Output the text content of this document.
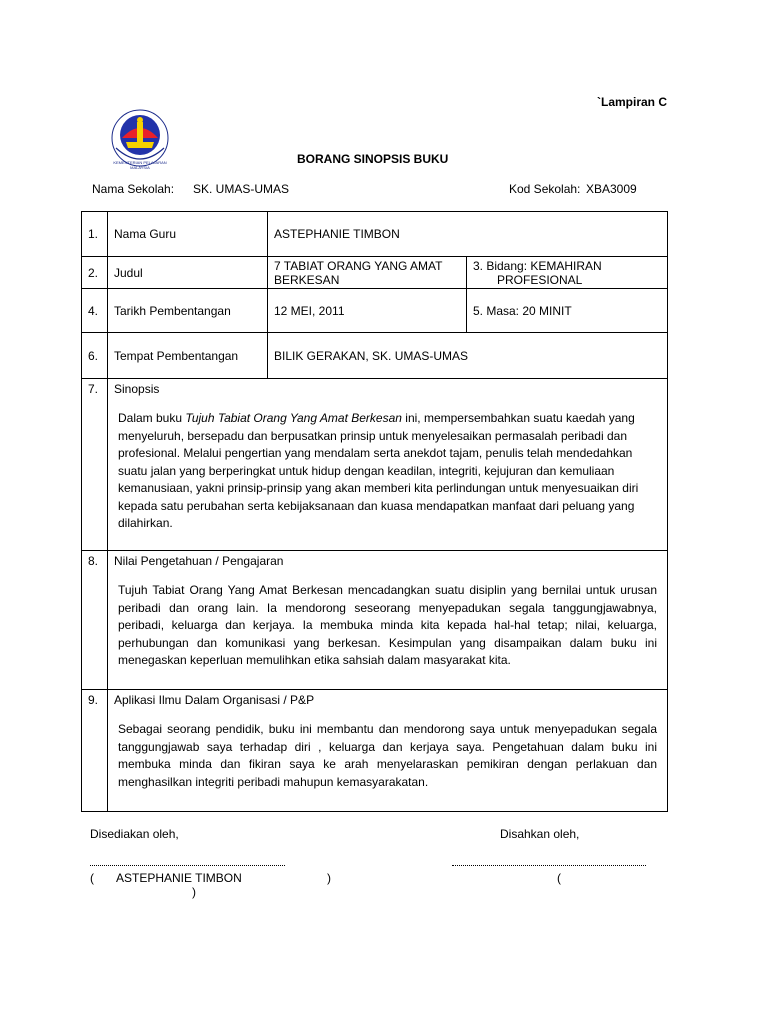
`Lampiran C
KEMENTERIAN PELAJARAN MALAYSIA
BORANG SINOPSIS BUKU
Nama Sekolah: SK. UMAS-UMAS	Kod Sekolah: XBA3009
1.	Nama Guru	ASTEPHANIE TIMBON	
2.	Judul	7 TABIAT ORANG YANG AMAT BERKESAN	3. Bidang: KEMAHIRAN
PROFESIONAL

4.	Tarikh Pembentangan	12 MEI, 2011	5. Masa: 20 MINIT
6.	Tempat Pembentangan	BILIK GERAKAN, SK. UMAS-UMAS	
7.	Sinopsis

Dalam buku Tujuh Tabiat Orang Yang Amat Berkesan ini, mempersembahkan suatu kaedah yang menyeluruh, bersepadu dan berpusatkan prinsip untuk menyelesaikan permasalah peribadi dan profesional. Melalui pengertian yang mendalam serta anekdot tajam, penulis telah mendedahkan suatu jalan yang berperingkat untuk hidup dengan keadilan, integriti, kejujuran dan kemuliaan kemanusiaan, yakni prinsip-prinsip yang akan memberi kita perlindungan untuk menyesuaikan diri kepada satu perubahan serta kebijaksanaan dan kuasa mendapatkan manfaat dari peluang yang dilahirkan.		

8.	Nilai Pengetahuan / Pengajaran

Tujuh Tabiat Orang Yang Amat Berkesan mencadangkan suatu disiplin yang bernilai untuk urusan peribadi dan orang lain. Ia mendorong seseorang menyepadukan segala tanggungjawabnya, peribadi, keluarga dan kerjaya. Ia membuka minda kita kepada hal-hal tetap; nilai, keluarga, perhubungan dan komunikasi yang berkesan. Kesimpulan yang disampaikan dalam buku ini menegaskan keperluan memulihkan etika sahsiah dalam masyarakat kita.		

9.	Aplikasi Ilmu Dalam Organisasi / P&P

Sebagai seorang pendidik, buku ini membantu dan mendorong saya untuk menyepadukan segala tanggungjawab saya terhadap diri , keluarga dan kerjaya saya. Pengetahuan dalam buku ini membuka minda dan fikiran saya ke arah menyelaraskan pemikiran dengan perlakuan dan menghasilkan integriti peribadi mahupun kemasyarakatan.		

Disediakan oleh,	Disahkan oleh,
( ASTEPHANIE TIMBON	)	(
)
